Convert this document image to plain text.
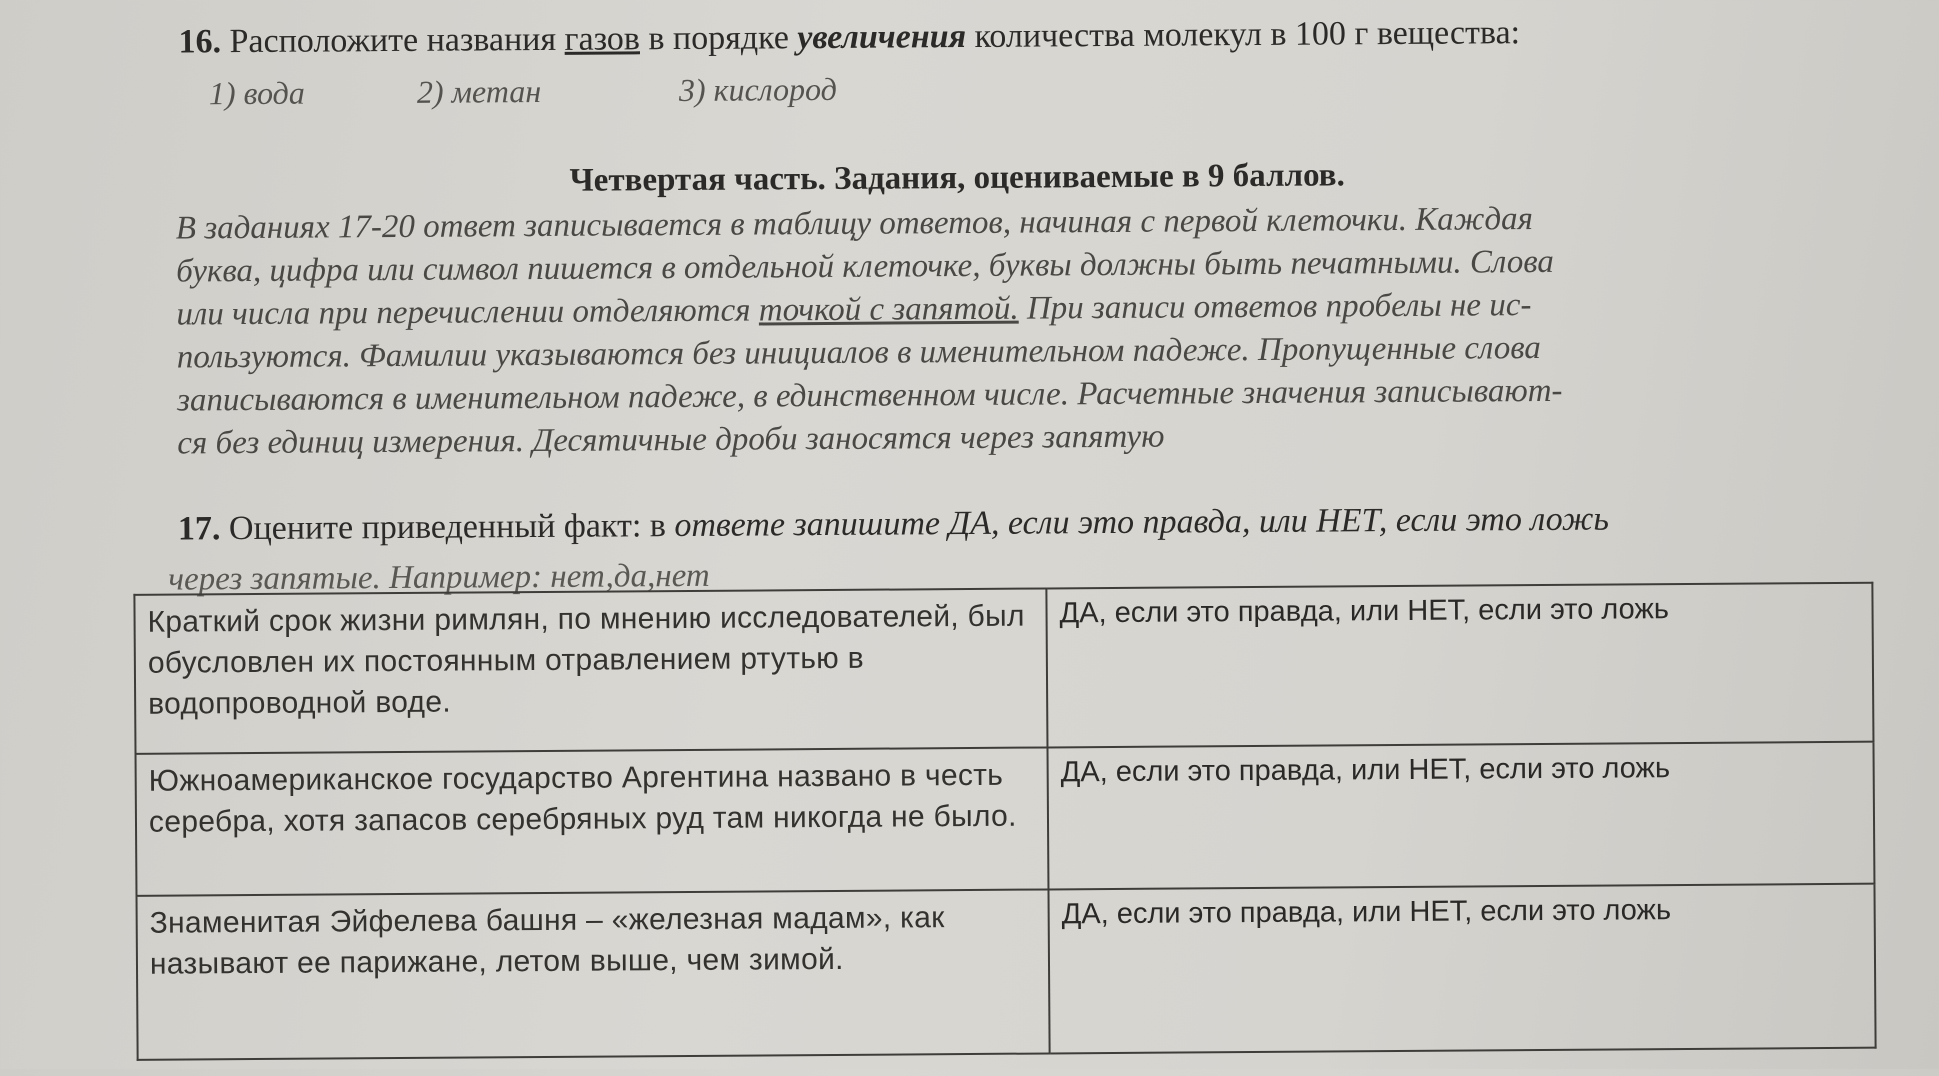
16. Расположите названия газов в порядке увеличения количества молекул в 100 г вещества:
1) вода	2) метан	3) кислород
Четвертая часть. Задания, оцениваемые в 9 баллов.
В заданиях 17-20 ответ записывается в таблицу ответов, начиная с первой клеточки. Каждая
буква, цифра или символ пишется в отдельной клеточке, буквы должны быть печатными. Слова
или числа при перечислении отделяются точкой с запятой. При записи ответов пробелы не ис-
пользуются. Фамилии указываются без инициалов в именительном падеже. Пропущенные слова
записываются в именительном падеже, в единственном числе. Расчетные значения записывают-
ся без единиц измерения. Десятичные дроби заносятся через запятую
17. Оцените приведенный факт: в ответе запишите ДА, если это правда, или НЕТ, если это ложь
через запятые. Например: нет,да,нет
Краткий срок жизни римлян, по мнению исследователей, был обусловлен их постоянным отравлением ртутью в водопроводной воде.	ДА, если это правда, или НЕТ, если это ложь
Южноамериканское государство Аргентина названо в честь серебра, хотя запасов серебряных руд там никогда не было.	ДА, если это правда, или НЕТ, если это ложь
Знаменитая Эйфелева башня – «железная мадам», как называют ее парижане, летом выше, чем зимой.	ДА, если это правда, или НЕТ, если это ложь
